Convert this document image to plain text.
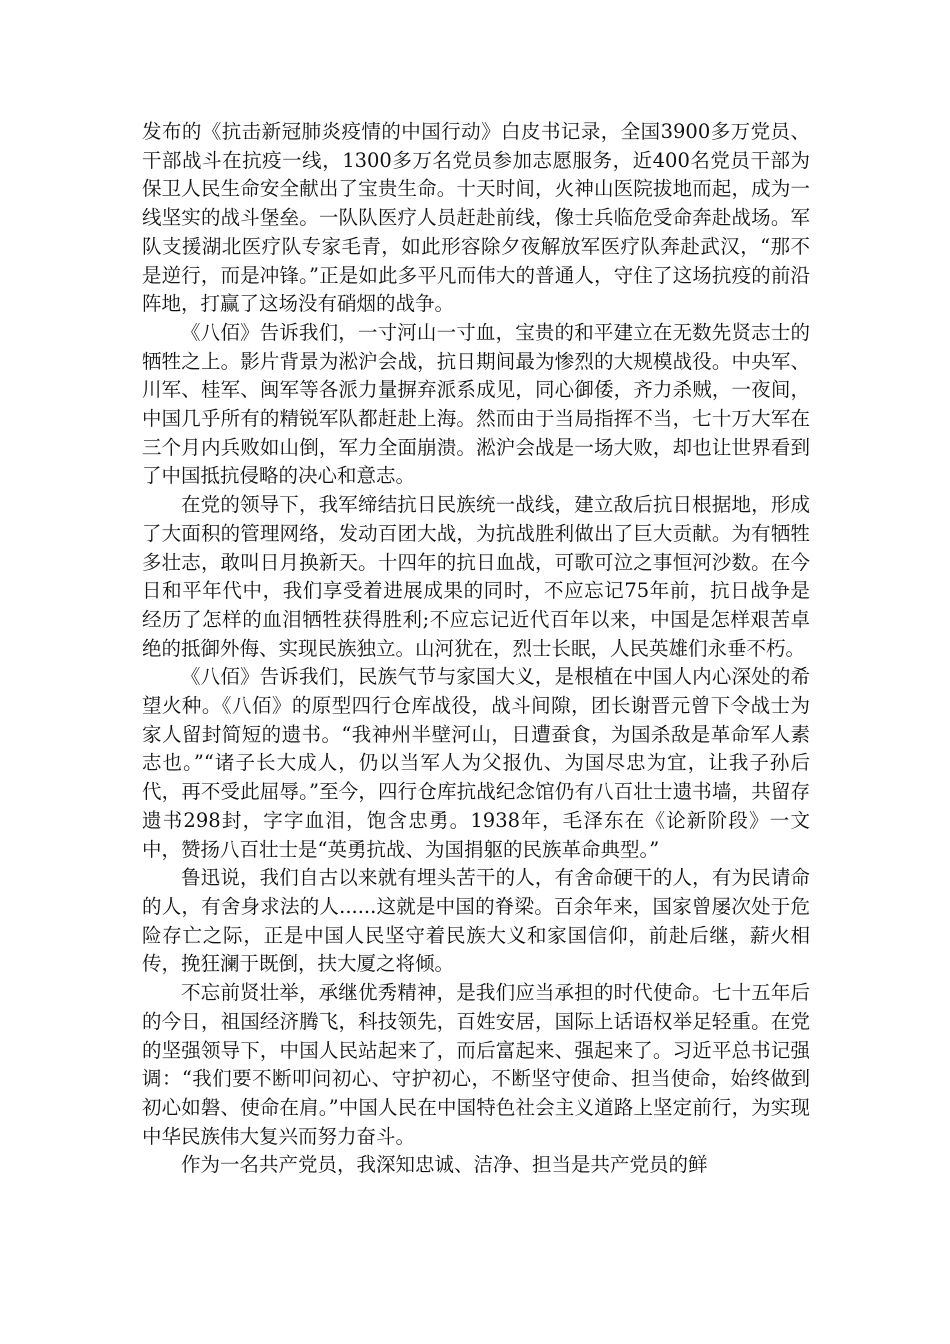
发布的《抗击新冠肺炎疫情的中国行动》白皮书记录，全国3900多万党员、干部战斗在抗疫一线，1300多万名党员参加志愿服务，近400名党员干部为保卫人民生命安全献出了宝贵生命。十天时间，火神山医院拔地而起，成为一线坚实的战斗堡垒。一队队医疗人员赶赴前线，像士兵临危受命奔赴战场。军队支援湖北医疗队专家毛青，如此形容除夕夜解放军医疗队奔赴武汉，“那不是逆行，而是冲锋。”正是如此多平凡而伟大的普通人，守住了这场抗疫的前沿阵地，打赢了这场没有硝烟的战争。

《八佰》告诉我们，一寸河山一寸血，宝贵的和平建立在无数先贤志士的牺牲之上。影片背景为淞沪会战，抗日期间最为惨烈的大规模战役。中央军、川军、桂军、闽军等各派力量摒弃派系成见，同心御倭，齐力杀贼，一夜间，中国几乎所有的精锐军队都赶赴上海。然而由于当局指挥不当，七十万大军在三个月内兵败如山倒，军力全面崩溃。淞沪会战是一场大败，却也让世界看到了中国抵抗侵略的决心和意志。

在党的领导下，我军缔结抗日民族统一战线，建立敌后抗日根据地，形成了大面积的管理网络，发动百团大战，为抗战胜利做出了巨大贡献。为有牺牲多壮志，敢叫日月换新天。十四年的抗日血战，可歌可泣之事恒河沙数。在今日和平年代中，我们享受着进展成果的同时，不应忘记75年前，抗日战争是经历了怎样的血泪牺牲获得胜利;不应忘记近代百年以来，中国是怎样艰苦卓绝的抵御外侮、实现民族独立。山河犹在，烈士长眠，人民英雄们永垂不朽。

《八佰》告诉我们，民族气节与家国大义，是根植在中国人内心深处的希望火种。《八佰》的原型四行仓库战役，战斗间隙，团长谢晋元曾下令战士为家人留封简短的遗书。“我神州半壁河山，日遭蚕食，为国杀敌是革命军人素志也。”“诸子长大成人，仍以当军人为父报仇、为国尽忠为宜，让我子孙后代，再不受此屈辱。”至今，四行仓库抗战纪念馆仍有八百壮士遗书墙，共留存遗书298封，字字血泪，饱含忠勇。1938年，毛泽东在《论新阶段》一文中，赞扬八百壮士是“英勇抗战、为国捐躯的民族革命典型。”

鲁迅说，我们自古以来就有埋头苦干的人，有舍命硬干的人，有为民请命的人，有舍身求法的人......这就是中国的脊梁。百余年来，国家曾屡次处于危险存亡之际，正是中国人民坚守着民族大义和家国信仰，前赴后继，薪火相传，挽狂澜于既倒，扶大厦之将倾。

不忘前贤壮举，承继优秀精神，是我们应当承担的时代使命。七十五年后的今日，祖国经济腾飞，科技领先，百姓安居，国际上话语权举足轻重。在党的坚强领导下，中国人民站起来了，而后富起来、强起来了。习近平总书记强调：“我们要不断叩问初心、守护初心，不断坚守使命、担当使命，始终做到初心如磐、使命在肩。”中国人民在中国特色社会主义道路上坚定前行，为实现中华民族伟大复兴而努力奋斗。

作为一名共产党员，我深知忠诚、洁净、担当是共产党员的鲜
